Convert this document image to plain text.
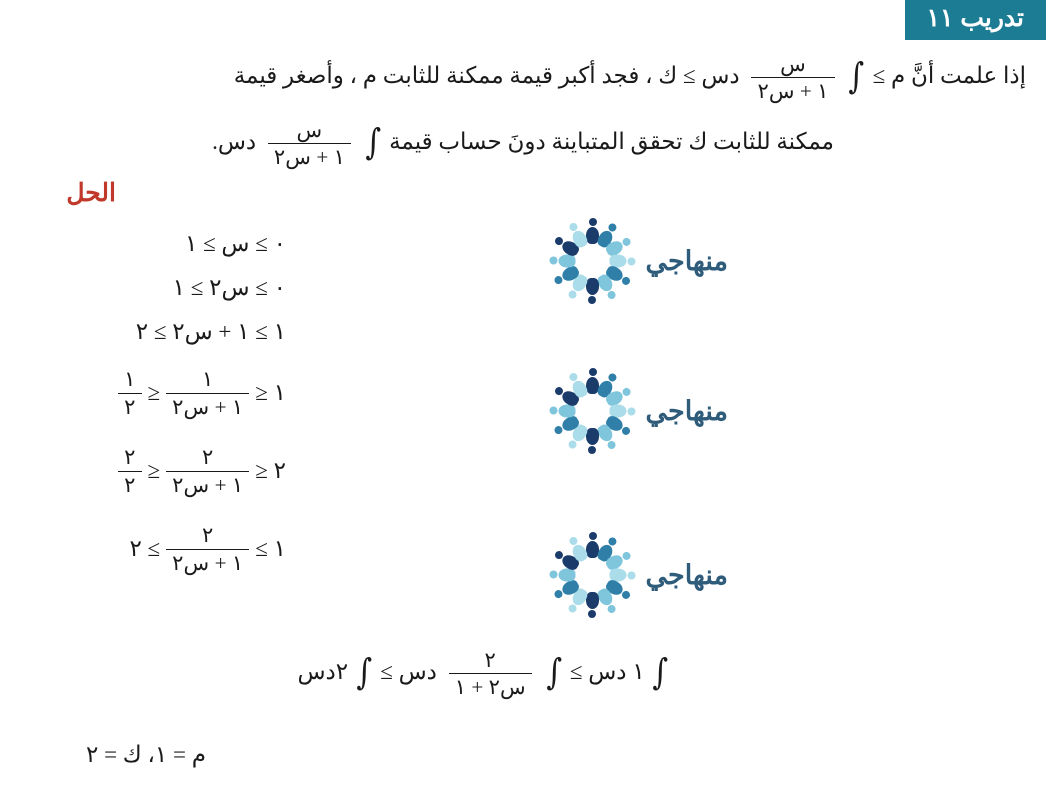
تدريب ١١
إذا علمت أنَّ م ≥ ∫
$\frac{\text{س}}{\text{١ + س٢}}$
دس ≥ ك ، فجد أكبر قيمة ممكنة للثابت م ، وأصغر قيمة
ممكنة للثابت ك تحقق المتباينة دونَ حساب قيمة ∫
$\frac{\text{س}}{\text{١ + س٢}}$
دس.
الحل
٠ ≥ س ≥ ١
٠ ≥ س٢ ≥ ١
١ ≥ ١ + س٢ ≥ ٢
١ ≤
$\frac{١}{\text{١ + س٢}}$
≤
$\frac{١}{٢}$
٢ ≤
$\frac{٢}{\text{١ + س٢}}$
≤
$\frac{٢}{٢}$
١ ≥
$\frac{٢}{\text{١ + س٢}}$
≥ ٢
∫ ١ دس ≥ ∫
$\frac{٢}{\text{س٢ + ١}}$
دس ≥ ∫ ٢دس
م = ١، ك = ٢
منهاجي
منهاجي
منهاجي
